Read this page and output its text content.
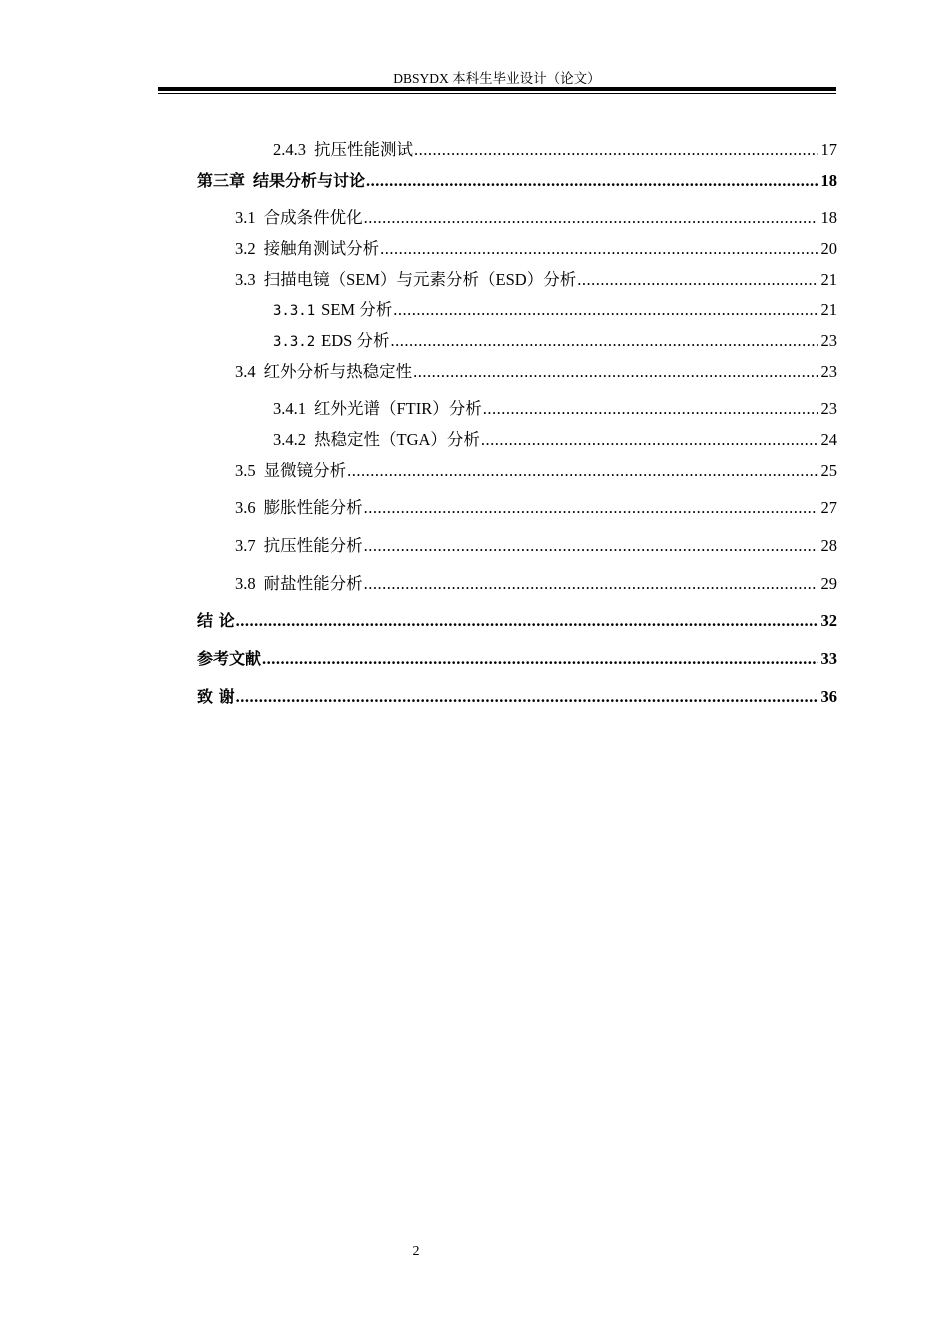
DBSYDX 本科生毕业设计（论文）
2.4.3 抗压性能测试 .....	17
第三章 结果分析与讨论 .....	18
3.1 合成条件优化 .....	18
3.2 接触角测试分析 .....	20
3.3 扫描电镜（SEM）与元素分析（ESD）分析 .....	21
3.3.1 SEM 分析 .....	21
3.3.2 EDS 分析 .....	23
3.4 红外分析与热稳定性 .....	23
3.4.1 红外光谱（FTIR）分析 .....	23
3.4.2 热稳定性（TGA）分析 .....	24
3.5 显微镜分析 .....	25
3.6 膨胀性能分析 .....	27
3.7 抗压性能分析 .....	28
3.8 耐盐性能分析 .....	29
结 论 .....	32
参考文献 .....	33
致 谢 .....	36
2
